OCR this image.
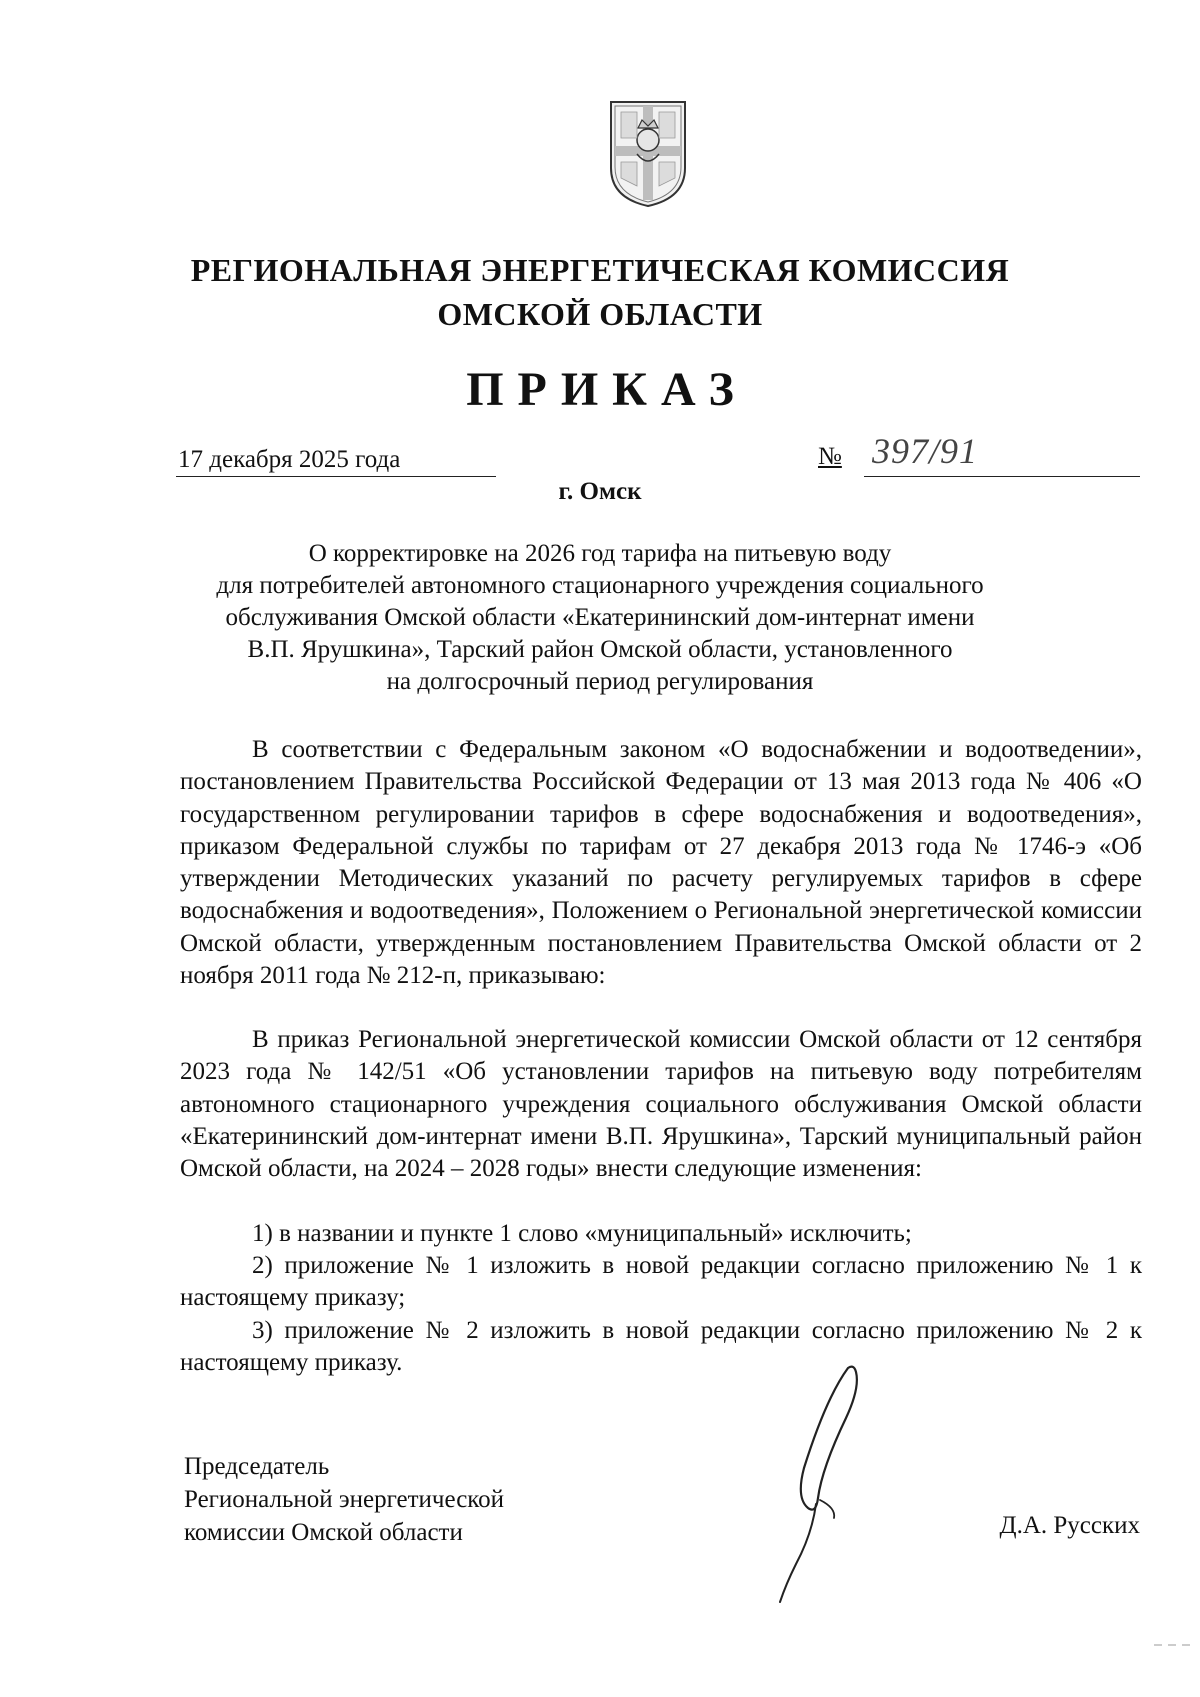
РЕГИОНАЛЬНАЯ ЭНЕРГЕТИЧЕСКАЯ КОМИССИЯ
ОМСКОЙ ОБЛАСТИ
ПРИКАЗ
17 декабря 2025 года	№ 397/91
г. Омск
О корректировке на 2026 год тарифа на питьевую воду
для потребителей автономного стационарного учреждения социального
обслуживания Омской области «Екатерининский дом-интернат имени
В.П. Ярушкина», Тарский район Омской области, установленного
на долгосрочный период регулирования
В соответствии с Федеральным законом «О водоснабжении и водоотведении», постановлением Правительства Российской Федерации от 13 мая 2013 года № 406 «О государственном регулировании тарифов в сфере водоснабжения и водоотведения», приказом Федеральной службы по тарифам от 27 декабря 2013 года № 1746-э «Об утверждении Методических указаний по расчету регулируемых тарифов в сфере водоснабжения и водоотведения», Положением о Региональной энергетической комиссии Омской области, утвержденным постановлением Правительства Омской области от 2 ноября 2011 года № 212-п, приказываю:
В приказ Региональной энергетической комиссии Омской области от 12 сентября 2023 года № 142/51 «Об установлении тарифов на питьевую воду потребителям автономного стационарного учреждения социального обслуживания Омской области «Екатерининский дом-интернат имени В.П. Ярушкина», Тарский муниципальный район Омской области, на 2024 – 2028 годы» внести следующие изменения:
1) в названии и пункте 1 слово «муниципальный» исключить;
2) приложение № 1 изложить в новой редакции согласно приложению № 1 к настоящему приказу;
3) приложение № 2 изложить в новой редакции согласно приложению № 2 к настоящему приказу.
Председатель
Региональной энергетической
комиссии Омской области	Д.А. Русских
